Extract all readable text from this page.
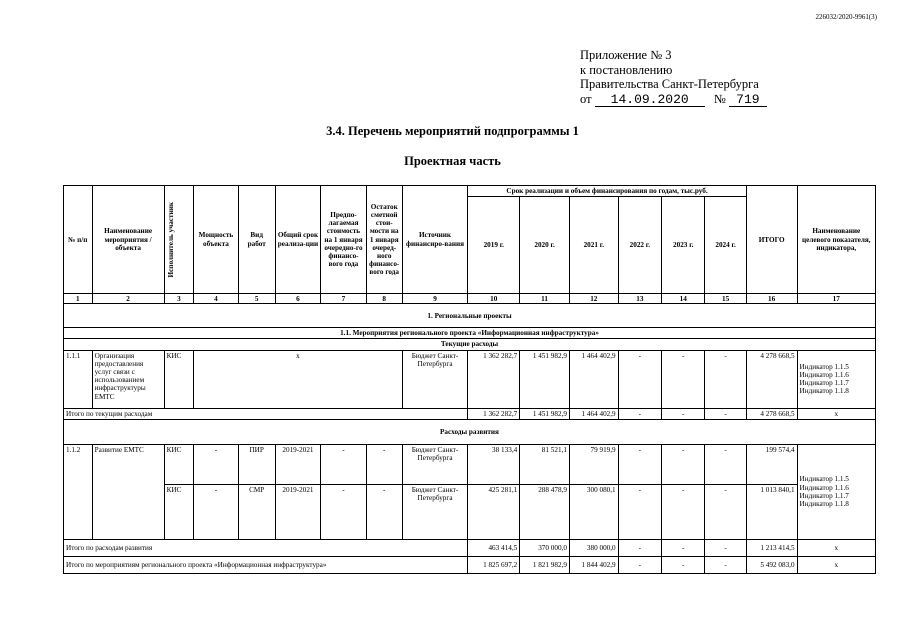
226032/2020-9961(3)
Приложение № 3
к постановлению
Правительства Санкт-Петербурга
от 14.09.2020 № 719
3.4. Перечень мероприятий подпрограммы 1
Проектная часть
№ п/п	Наименование мероприятия /объекта	Исполнитель участник	Мощность объекта	Вид работ	Общий срок реализа-ции	Предпо-лагаемая стоимость на 1 января очередно-го финансо-вого года	Остаток сметной стои-мости на 1 января очеред-ного финансо-вого года	Источник финансиро-вания	Срок реализации и объем финансирования по годам, тыс.руб.						ИТОГО	Наименование целевого показателя, индикатора,
									2019 г.	2020 г.	2021 г.	2022 г.	2023 г.	2024 г.		
1	2	3	4	5	6	7	8	9	10	11	12	13	14	15	16	17
1. Региональные проекты																
1.1. Мероприятия регионального проекта «Информационная инфраструктура»																
Текущие расходы																
1.1.1	Организация предоставления услуг связи с использованием инфраструктуры ЕМТС	КИС	х					Бюджет Санкт-Петербурга	1 362 282,7	1 451 982,9	1 464 402,9	-	-	-	4 278 668,5	Индикатор 1.1.5
Индикатор 1.1.6
Индикатор 1.1.7
Индикатор 1.1.8

Итого по текущим расходам									1 362 282,7	1 451 982,9	1 464 402,9	-	-	-	4 278 668,5	х
Расходы развития																
1.1.2	Развитие ЕМТС	КИС	-	ПИР	2019-2021	-	-	Бюджет Санкт-Петербурга	38 133,4	81 521,1	79 919,9	-	-	-	199 574,4	Индикатор 1.1.5
Индикатор 1.1.6
Индикатор 1.1.7
Индикатор 1.1.8

		КИС	-	СМР	2019-2021	-	-	Бюджет Санкт-Петербурга	425 281,1	288 478,9	300 080,1	-	-	-	1 013 840,1	
Итого по расходам развития									463 414,5	370 000,0	380 000,0	-	-	-	1 213 414,5	х
Итого по мероприятиям регионального проекта «Информационная инфраструктура»									1 825 697,2	1 821 982,9	1 844 402,9	-	-	-	5 492 083,0	х
